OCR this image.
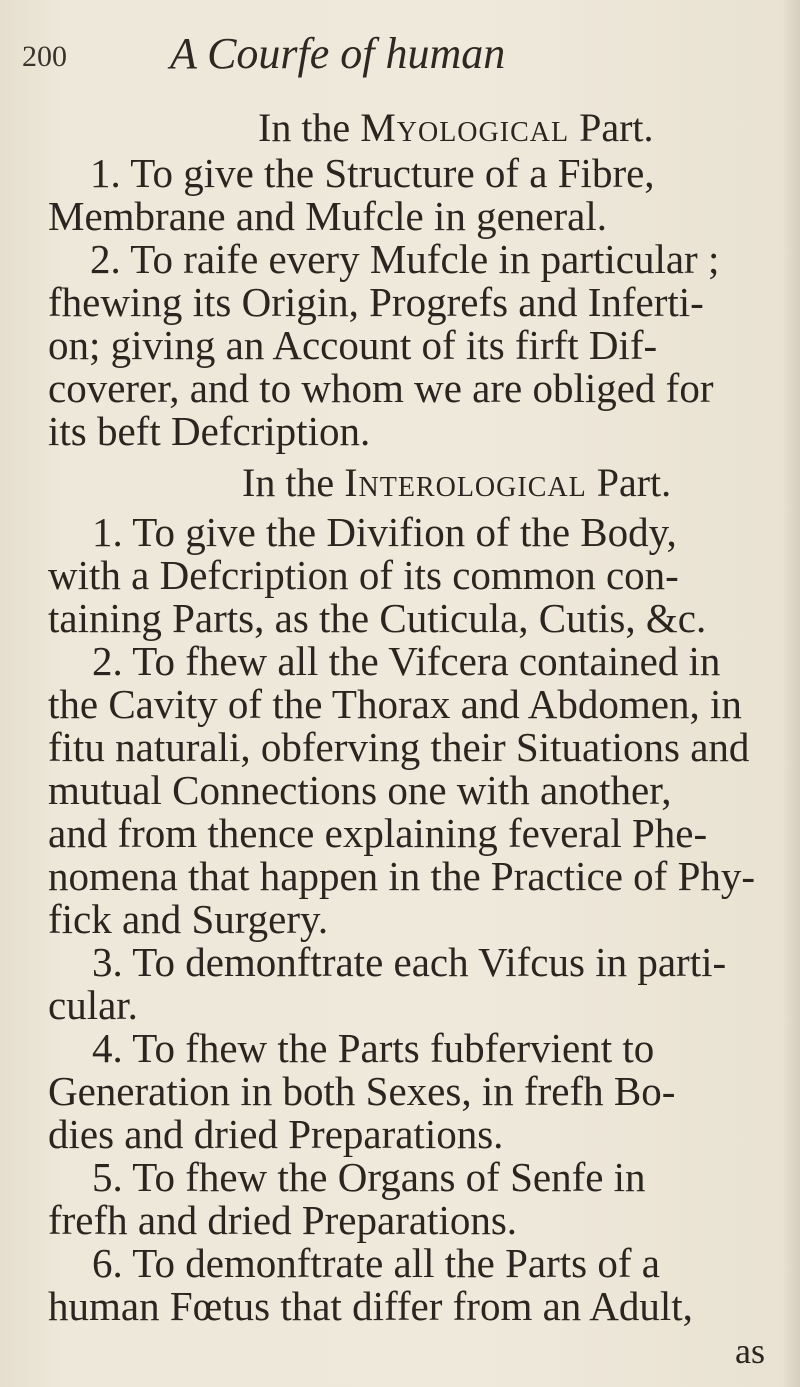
200 A Courfe of human
In the Myological Part.
1. To give the Structure of a Fibre,
Membrane and Mufcle in general.
2. To raife every Mufcle in particular ;
fhewing its Origin, Progrefs and Inferti-
on; giving an Account of its firft Dif-
coverer, and to whom we are obliged for
its beft Defcription.
In the Interological Part.
1. To give the Divifion of the Body,
with a Defcription of its common con-
taining Parts, as the Cuticula, Cutis, &c.
2. To fhew all the Vifcera contained in
the Cavity of the Thorax and Abdomen, in
fitu naturali, obferving their Situations and
mutual Connections one with another,
and from thence explaining feveral Phe-
nomena that happen in the Practice of Phy-
fick and Surgery.
3. To demonftrate each Vifcus in parti-
cular.
4. To fhew the Parts fubfervient to
Generation in both Sexes, in frefh Bo-
dies and dried Preparations.
5. To fhew the Organs of Senfe in
frefh and dried Preparations.
6. To demonftrate all the Parts of a
human Fœtus that differ from an Adult,
as
